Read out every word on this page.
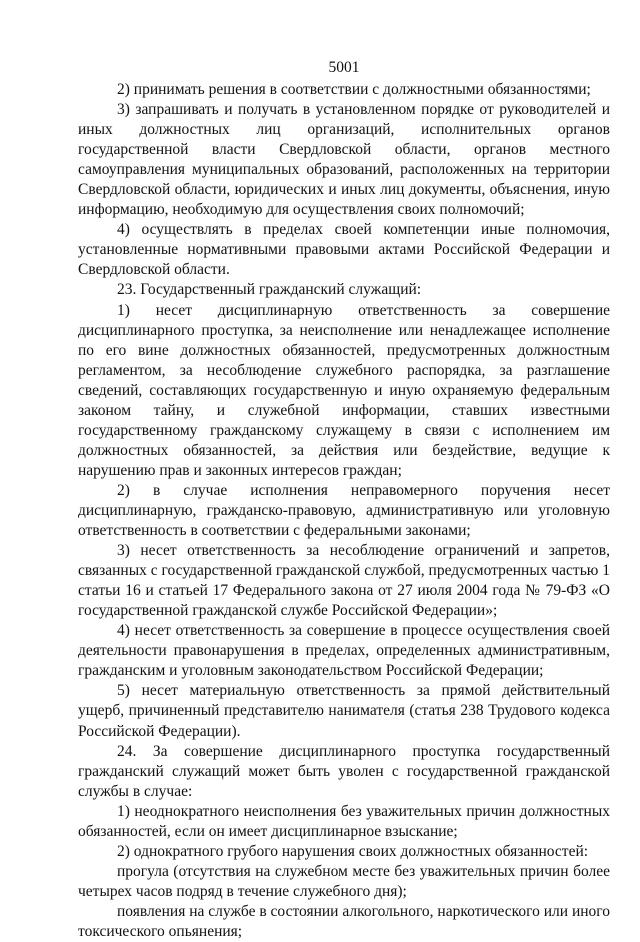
5001

2) принимать решения в соответствии с должностными обязанностями;

3) запрашивать и получать в установленном порядке от руководителей и иных должностных лиц организаций, исполнительных органов государственной власти Свердловской области, органов местного самоуправления муниципальных образований, расположенных на территории Свердловской области, юридических и иных лиц документы, объяснения, иную информацию, необходимую для осуществления своих полномочий;

4) осуществлять в пределах своей компетенции иные полномочия, установленные нормативными правовыми актами Российской Федерации и Свердловской области.

23. Государственный гражданский служащий:

1) несет дисциплинарную ответственность за совершение дисциплинарного проступка, за неисполнение или ненадлежащее исполнение по его вине должностных обязанностей, предусмотренных должностным регламентом, за несоблюдение служебного распорядка, за разглашение сведений, составляющих государственную и иную охраняемую федеральным законом тайну, и служебной информации, ставших известными государственному гражданскому служащему в связи с исполнением им должностных обязанностей, за действия или бездействие, ведущие к нарушению прав и законных интересов граждан;

2) в случае исполнения неправомерного поручения несет дисциплинарную, гражданско-правовую, административную или уголовную ответственность в соответствии с федеральными законами;

3) несет ответственность за несоблюдение ограничений и запретов, связанных с государственной гражданской службой, предусмотренных частью 1 статьи 16 и статьей 17 Федерального закона от 27 июля 2004 года № 79-ФЗ «О государственной гражданской службе Российской Федерации»;

4) несет ответственность за совершение в процессе осуществления своей деятельности правонарушения в пределах, определенных административным, гражданским и уголовным законодательством Российской Федерации;

5) несет материальную ответственность за прямой действительный ущерб, причиненный представителю нанимателя (статья 238 Трудового кодекса Российской Федерации).

24. За совершение дисциплинарного проступка государственный гражданский служащий может быть уволен с государственной гражданской службы в случае:

1) неоднократного неисполнения без уважительных причин должностных обязанностей, если он имеет дисциплинарное взыскание;

2) однократного грубого нарушения своих должностных обязанностей:

прогула (отсутствия на служебном месте без уважительных причин более четырех часов подряд в течение служебного дня);

появления на службе в состоянии алкогольного, наркотического или иного токсического опьянения;
